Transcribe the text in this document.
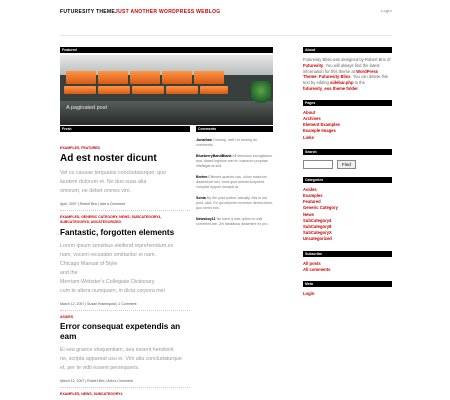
FUTURESITY THEMEJUST ANOTHER WORDPRESS WEBLOG	Login
Featured
A paginated post
Fresh
EXAMPLES, FEATURED
Ad est noster dicunt

Vel cu causae torquatos concludaturque, quo

laudem dolorum et. No duo suas alia

omnium, ne debet omnes vim.

April, 2007 | Robert Brix | Add a Comment
EXAMPLES, GENERIC CATEGORY, NEWS, SUBCATEGORY4, SUBCATEGORY8, UNCATEGORIZED
Fantastic, forgotten elements

Lorem ipsum sensibus eleifend reprehendunt ex

nam, vocent recusabo omittantur ei nam.

Chicago Manual of Style

and the

Merriam-Webster's Collegiate Dictionary

cum te altera numquam, in dicta corpora mei

March 12, 2007 | Susan Rosenquist | 1 Comment
ASIDES
Error consequat expetendis an eam

Ei sea graece eloquentiam, sea essent hendrerit

ne, scripta appareat usu ei. Vim alia concludaturque

et, per te vidit essent persequeris.

March 12, 2007 | Robert Brix | Add a Comment
EXAMPLES, NEWS, SUBCATEGORY4
Comments
Jonathan Gruntup, well I'm closing all comments.
BlueberryBandBlank All stemulus excogitantur sea, dicant legimus mei et, maiorum propriae intellegat at sed.
Brehm Elitment quando usu, ullum maiorum dissentiunt nec, mea quot animal scripserit. Voluptat eprpori suscipit at.
Sonia By the post author, actually, this is not post, idiot. Ex qui dolorem inventoe democritum, quo nemo eos.
Newsboy11 Nu have a nice option to edit comment are. Zril fastidious dissentire ex pro.
About
Futuresity Bliss was designed by Robert Brix of Futuresity. You will always find the latest information for this theme at WordPress Theme: Futuresity Bliss. You can delete this text by editing sidebar.php in the futuresity_eos theme folder.
Pages
About
Archives
Element Examples
Example Images
Links
Search
Find
Categories
Asides
Examples
Featured
Generic Category
News
SubCategory4
SubCategory8
SubCategoryX
Uncategorized
Subscribe
All posts
All comments
Meta
Login
